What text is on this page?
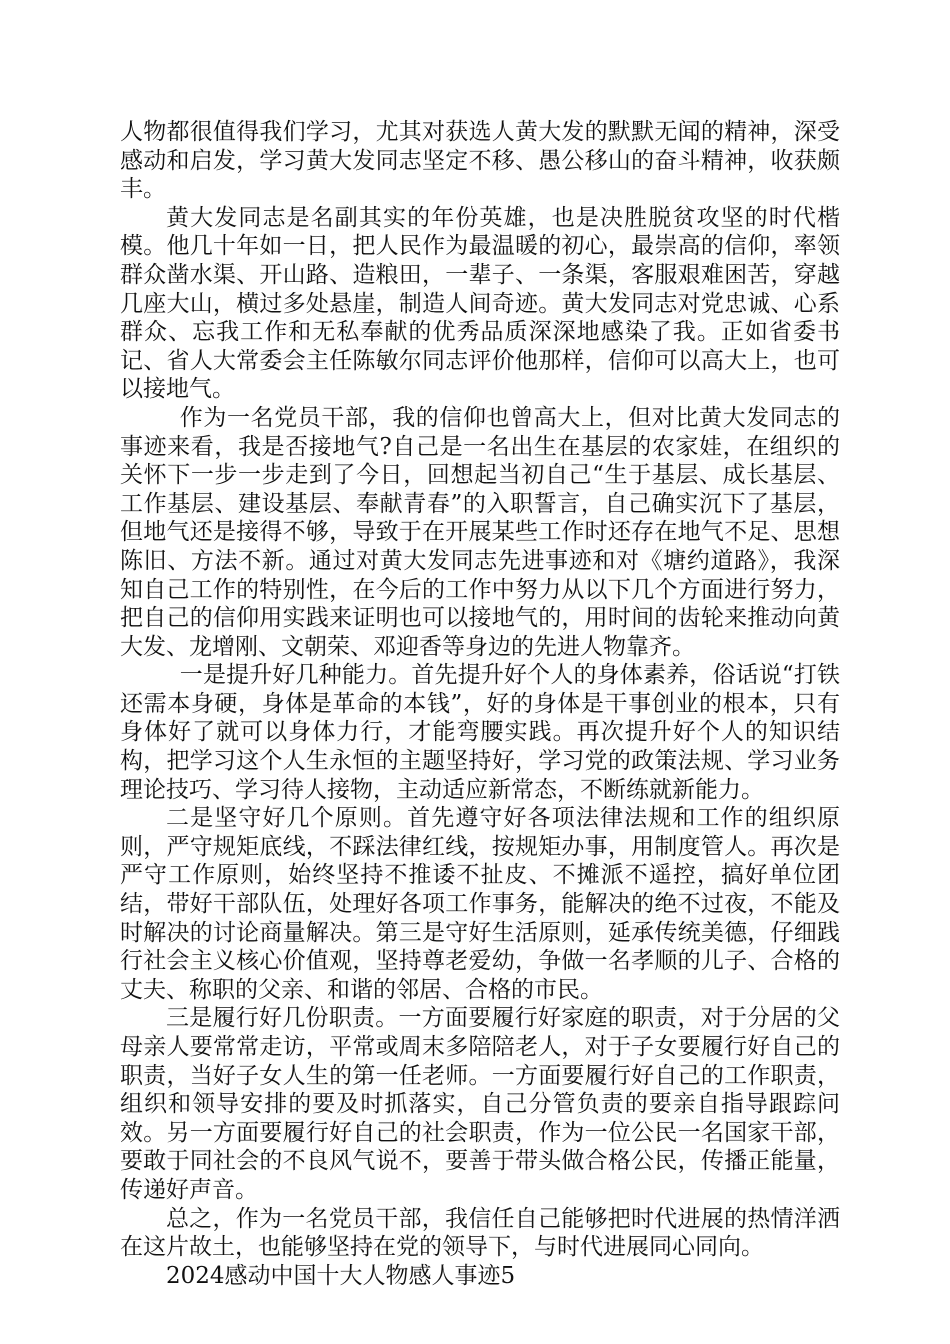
人物都很值得我们学习，尤其对获选人黄大发的默默无闻的精神，深受感动和启发，学习黄大发同志坚定不移、愚公移山的奋斗精神，收获颇丰。

黄大发同志是名副其实的年份英雄，也是决胜脱贫攻坚的时代楷模。他几十年如一日，把人民作为最温暖的初心，最崇高的信仰，率领群众凿水渠、开山路、造粮田，一辈子、一条渠，客服艰难困苦，穿越几座大山，横过多处悬崖，制造人间奇迹。黄大发同志对党忠诚、心系群众、忘我工作和无私奉献的优秀品质深深地感染了我。正如省委书记、省人大常委会主任陈敏尔同志评价他那样，信仰可以高大上，也可以接地气。

作为一名党员干部，我的信仰也曾高大上，但对比黄大发同志的事迹来看，我是否接地气?自己是一名出生在基层的农家娃，在组织的关怀下一步一步走到了今日，回想起当初自己“生于基层、成长基层、工作基层、建设基层、奉献青春”的入职誓言，自己确实沉下了基层，但地气还是接得不够，导致于在开展某些工作时还存在地气不足、思想陈旧、方法不新。通过对黄大发同志先进事迹和对《塘约道路》，我深知自己工作的特别性，在今后的工作中努力从以下几个方面进行努力，把自己的信仰用实践来证明也可以接地气的，用时间的齿轮来推动向黄大发、龙增刚、文朝荣、邓迎香等身边的先进人物靠齐。

一是提升好几种能力。首先提升好个人的身体素养，俗话说“打铁还需本身硬，身体是革命的本钱”，好的身体是干事创业的根本，只有身体好了就可以身体力行，才能弯腰实践。再次提升好个人的知识结构，把学习这个人生永恒的主题坚持好，学习党的政策法规、学习业务理论技巧、学习待人接物，主动适应新常态，不断练就新能力。

二是坚守好几个原则。首先遵守好各项法律法规和工作的组织原则，严守规矩底线，不踩法律红线，按规矩办事，用制度管人。再次是严守工作原则，始终坚持不推诿不扯皮、不摊派不遥控，搞好单位团结，带好干部队伍，处理好各项工作事务，能解决的绝不过夜，不能及时解决的讨论商量解决。第三是守好生活原则，延承传统美德，仔细践行社会主义核心价值观，坚持尊老爱幼，争做一名孝顺的儿子、合格的丈夫、称职的父亲、和谐的邻居、合格的市民。

三是履行好几份职责。一方面要履行好家庭的职责，对于分居的父母亲人要常常走访，平常或周末多陪陪老人，对于子女要履行好自己的职责，当好子女人生的第一任老师。一方面要履行好自己的工作职责，组织和领导安排的要及时抓落实，自己分管负责的要亲自指导跟踪问效。另一方面要履行好自己的社会职责，作为一位公民一名国家干部，要敢于同社会的不良风气说不，要善于带头做合格公民，传播正能量，传递好声音。

总之，作为一名党员干部，我信任自己能够把时代进展的热情洋洒在这片故土，也能够坚持在党的领导下，与时代进展同心同向。

2024感动中国十大人物感人事迹5
